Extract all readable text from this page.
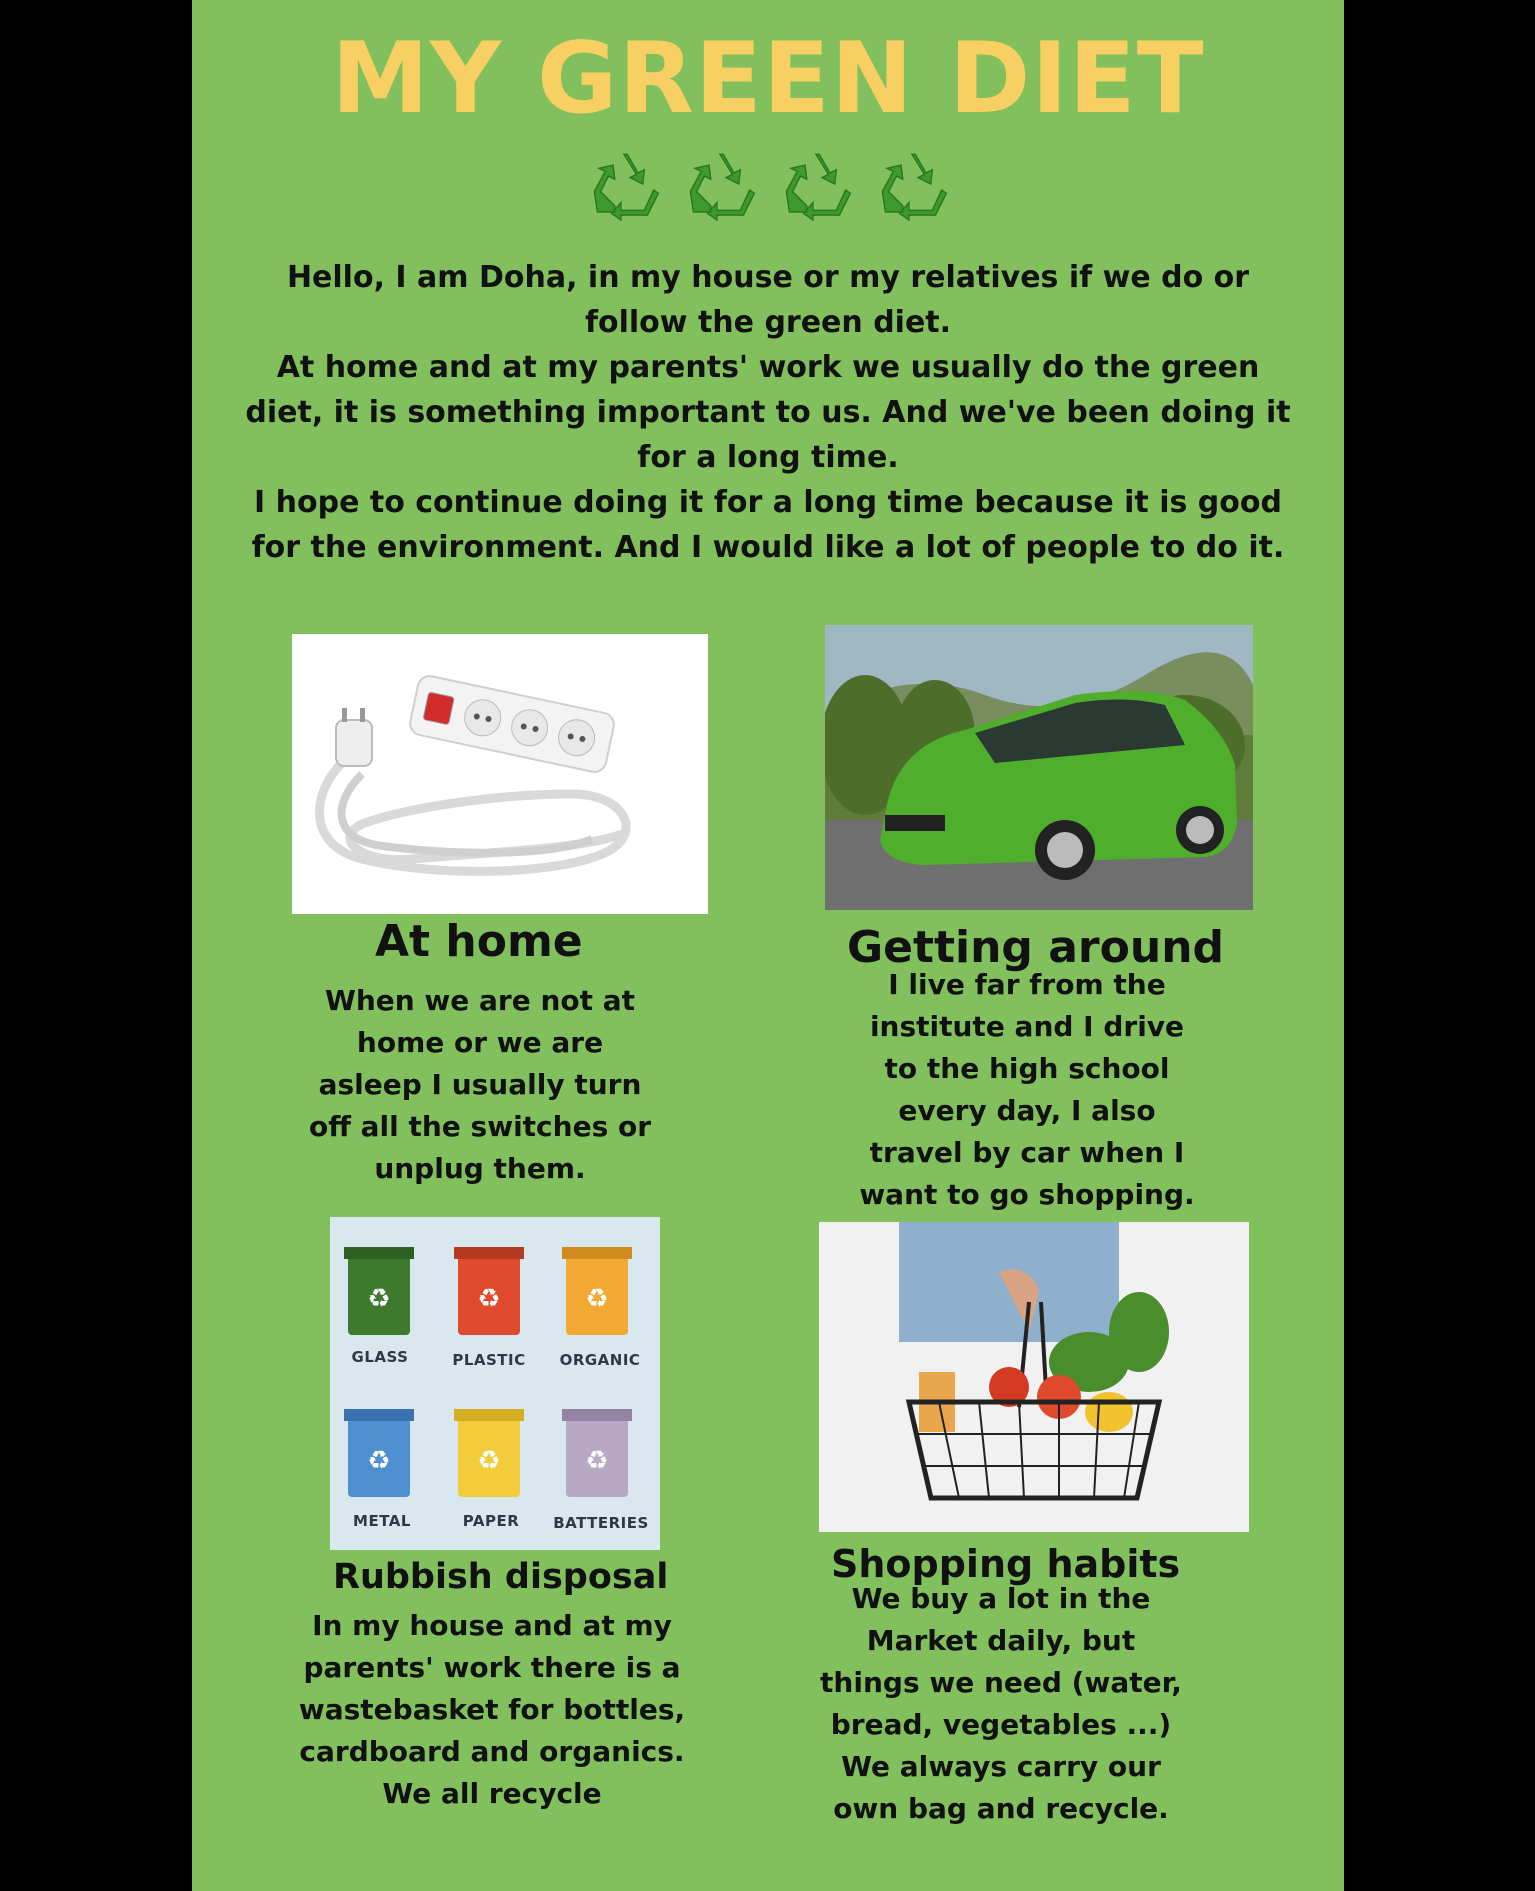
MY GREEN DIET

Hello, I am Doha, in my house or my relatives if we do or follow the green diet.

At home and at my parents' work we usually do the green diet, it is something important to us. And we've been doing it for a long time.

I hope to continue doing it for a long time because it is good for the environment. And I would like a lot of people to do it.

At home

When we are not at home or we are asleep I usually turn off all the switches or unplug them.

Getting around

I live far from the institute and I drive to the high school every day, I also travel by car when I want to go shopping.

♻	♻	♻
♻	♻	♻
GLASS	PLASTIC ORGANIC
METAL	PAPER BATTERIES
Rubbish disposal

In my house and at my parents' work there is a wastebasket for bottles, cardboard and organics. We all recycle

Shopping habits

We buy a lot in the Market daily, but things we need (water, bread, vegetables ...) We always carry our own bag and recycle.
